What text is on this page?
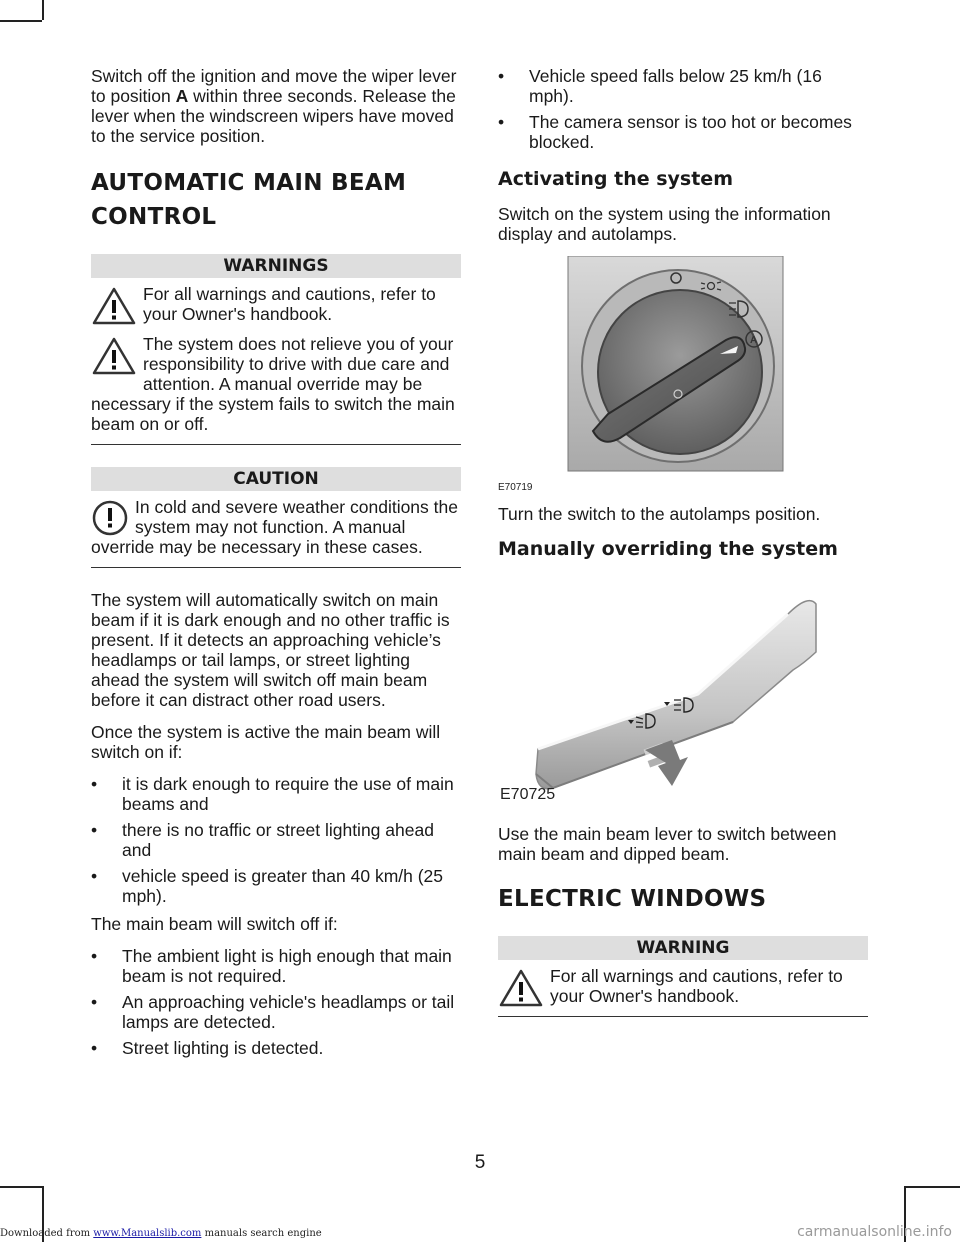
Switch off the ignition and move the wiper lever to position A within three seconds. Release the lever when the windscreen wipers have moved to the service position.

AUTOMATIC MAIN BEAM CONTROL
WARNINGS
For all warnings and cautions, refer to your Owner's handbook.
The system does not relieve you of your responsibility to drive with due care and attention. A manual override may be necessary if the system fails to switch the main beam on or off.
CAUTION
In cold and severe weather conditions the system may not function. A manual override may be necessary in these cases.

The system will automatically switch on main beam if it is dark enough and no other traffic is present. If it detects an approaching vehicle’s headlamps or tail lamps, or street lighting ahead the system will switch off main beam before it can distract other road users.

Once the system is active the main beam will switch on if:

• it is dark enough to require the use of main beams and
• there is no traffic or street lighting ahead and
• vehicle speed is greater than 40 km/h (25 mph).

The main beam will switch off if:

• The ambient light is high enough that main beam is not required.
• An approaching vehicle's headlamps or tail lamps are detected.
• Street lighting is detected.
• Vehicle speed falls below 25 km/h (16 mph).
• The camera sensor is too hot or becomes blocked.
Activating the system

Switch on the system using the information display and autolamps.

A
E70719

Turn the switch to the autolamps position.

Manually overriding the system
E70725

Use the main beam lever to switch between main beam and dipped beam.

ELECTRIC WINDOWS
WARNING
For all warnings and cautions, refer to your Owner's handbook.
5
Downloaded from www.Manualslib.com manuals search engine	carmanualsonline.info
